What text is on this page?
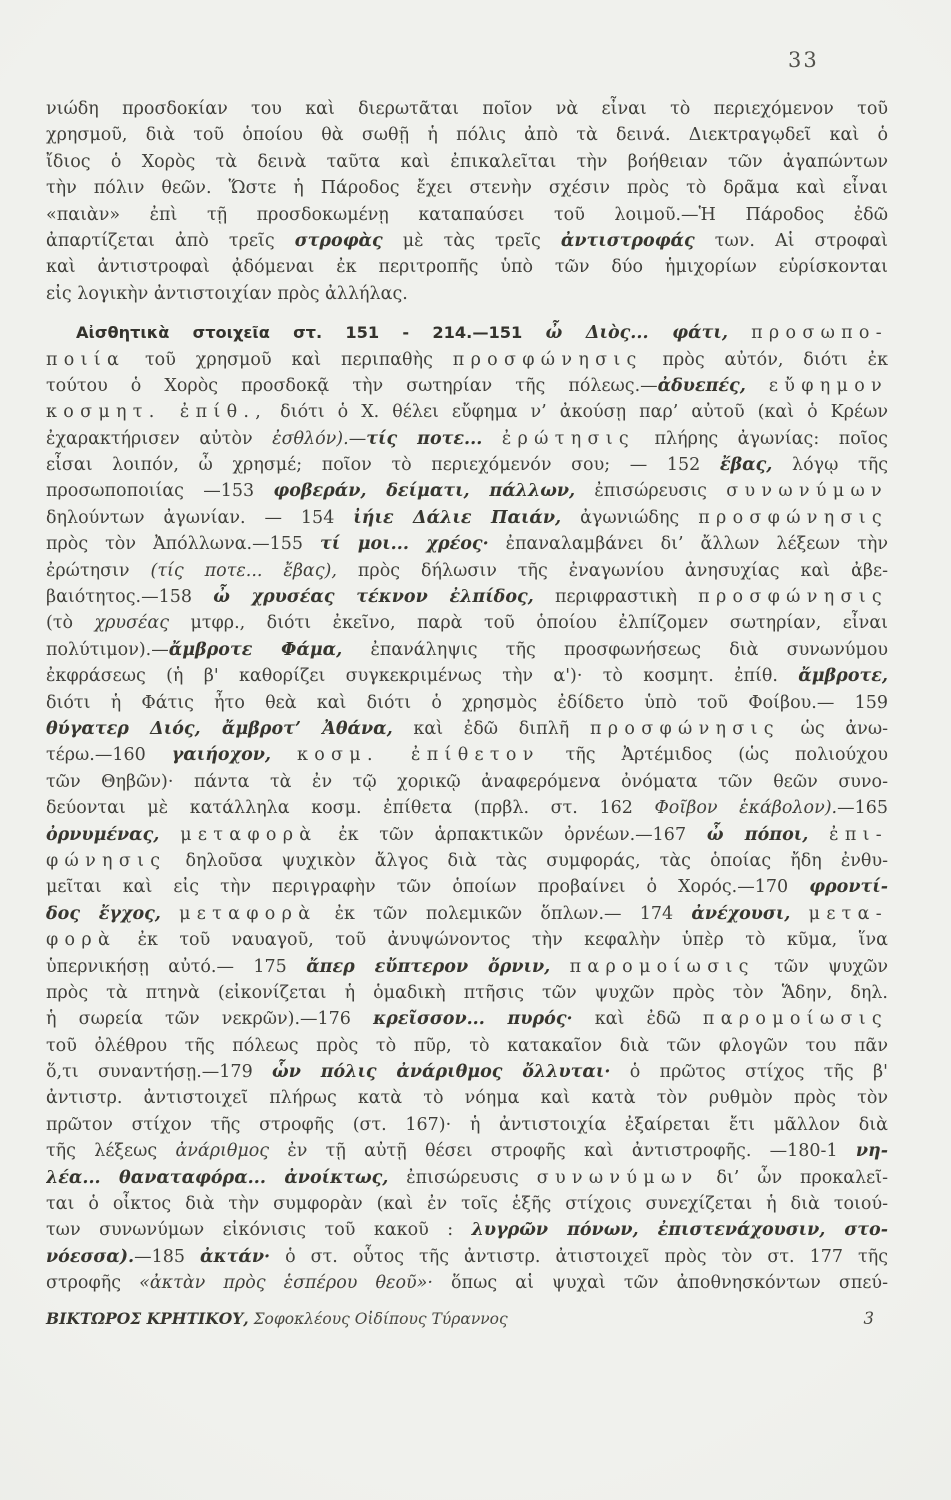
33
νιώδη προσδοκίαν του καὶ διερωτᾶται ποῖον νὰ εἶναι τὸ περιεχόμενον τοῦ
χρησμοῦ, διὰ τοῦ ὁποίου θὰ σωθῇ ἡ πόλις ἀπὸ τὰ δεινά. Διεκτραγῳδεῖ καὶ ὁ
ἴδιος ὁ Χορὸς τὰ δεινὰ ταῦτα καὶ ἐπικαλεῖται τὴν βοήθειαν τῶν ἀγαπώντων
τὴν πόλιν θεῶν. Ὥστε ἡ Πάροδος ἔχει στενὴν σχέσιν πρὸς τὸ δρᾶμα καὶ εἶναι
«παιὰν» ἐπὶ τῇ προσδοκωμένῃ καταπαύσει τοῦ λοιμοῦ.—Ἡ Πάροδος ἐδῶ
ἀπαρτίζεται ἀπὸ τρεῖς στροφὰς μὲ τὰς τρεῖς ἀντιστροφάς των. Αἱ στροφαὶ
καὶ ἀντιστροφαὶ ᾀδόμεναι ἐκ περιτροπῆς ὑπὸ τῶν δύο ἡμιχορίων εὑρίσκονται
εἰς λογικὴν ἀντιστοιχίαν πρὸς ἀλλήλας.
Αἰσθητικὰ στοιχεῖα στ. 151 - 214.—151 ὦ Διὸς... φάτι, προσωπο-
ποιία τοῦ χρησμοῦ καὶ περιπαθὴς προσφώνησις πρὸς αὐτόν, διότι ἐκ
τούτου ὁ Χορὸς προσδοκᾷ τὴν σωτηρίαν τῆς πόλεως.—ἀδυεπές, εὔφημον
κοσμητ. ἐπίθ., διότι ὁ Χ. θέλει εὔφημα ν’ ἀκούσῃ παρ’ αὐτοῦ (καὶ ὁ Κρέων
ἐχαρακτήρισεν αὐτὸν ἐσθλόν).—τίς ποτε... ἐρώτησις πλήρης ἀγωνίας: ποῖος
εἶσαι λοιπόν, ὦ χρησμέ; ποῖον τὸ περιεχόμενόν σου; — 152 ἔβας, λόγῳ τῆς
προσωποποιίας —153 φοβεράν, δείματι, πάλλων, ἐπισώρευσις συνωνύμων
δηλούντων ἀγωνίαν. — 154 ἰήιε Δάλιε Παιάν, ἀγωνιώδης προσφώνησις
πρὸς τὸν Ἀπόλλωνα.—155 τί μοι... χρέος· ἐπαναλαμβάνει δι’ ἄλλων λέξεων τὴν
ἐρώτησιν (τίς ποτε... ἔβας), πρὸς δήλωσιν τῆς ἐναγωνίου ἀνησυχίας καὶ ἀβε-
βαιότητος.—158 ὦ χρυσέας τέκνον ἐλπίδος, περιφραστικὴ προσφώνησις
(τὸ χρυσέας μτφρ., διότι ἐκεῖνο, παρὰ τοῦ ὁποίου ἐλπίζομεν σωτηρίαν, εἶναι
πολύτιμον).—ἄμβροτε Φάμα, ἐπανάληψις τῆς προσφωνήσεως διὰ συνωνύμου
ἐκφράσεως (ἡ β' καθορίζει συγκεκριμένως τὴν α')· τὸ κοσμητ. ἐπίθ. ἄμβροτε,
διότι ἡ Φάτις ἦτο θεὰ καὶ διότι ὁ χρησμὸς ἐδίδετο ὑπὸ τοῦ Φοίβου.— 159
θύγατερ Διός, ἄμβροτ’ Ἀθάνα, καὶ ἐδῶ διπλῆ προσφώνησις ὡς ἀνω-
τέρω.—160 γαιήοχον, κοσμ. ἐπίθετον τῆς Ἀρτέμιδος (ὡς πολιούχου
τῶν Θηβῶν)· πάντα τὰ ἐν τῷ χορικῷ ἀναφερόμενα ὀνόματα τῶν θεῶν συνο-
δεύονται μὲ κατάλληλα κοσμ. ἐπίθετα (πρβλ. στ. 162 Φοῖβον ἑκάβολον).—165
ὀρνυμένας, μεταφορὰ ἐκ τῶν ἁρπακτικῶν ὀρνέων.—167 ὦ πόποι, ἐπι-
φώνησις δηλοῦσα ψυχικὸν ἄλγος διὰ τὰς συμφοράς, τὰς ὁποίας ἤδη ἐνθυ-
μεῖται καὶ εἰς τὴν περιγραφὴν τῶν ὁποίων προβαίνει ὁ Χορός.—170 φροντί-
δος ἔγχος, μεταφορὰ ἐκ τῶν πολεμικῶν ὅπλων.— 174 ἀνέχουσι, μετα-
φορὰ ἐκ τοῦ ναυαγοῦ, τοῦ ἀνυψώνοντος τὴν κεφαλὴν ὑπὲρ τὸ κῦμα, ἵνα
ὑπερνικήσῃ αὐτό.— 175 ἄπερ εὔπτερον ὄρνιν, παρομοίωσις τῶν ψυχῶν
πρὸς τὰ πτηνὰ (εἰκονίζεται ἡ ὁμαδικὴ πτῆσις τῶν ψυχῶν πρὸς τὸν Ἅδην, δηλ.
ἡ σωρεία τῶν νεκρῶν).—176 κρεῖσσον... πυρός· καὶ ἐδῶ παρομοίωσις
τοῦ ὀλέθρου τῆς πόλεως πρὸς τὸ πῦρ, τὸ κατακαῖον διὰ τῶν φλογῶν του πᾶν
ὅ,τι συναντήσῃ.—179 ὧν πόλις ἀνάριθμος ὄλλυται· ὁ πρῶτος στίχος τῆς β'
ἀντιστρ. ἀντιστοιχεῖ πλήρως κατὰ τὸ νόημα καὶ κατὰ τὸν ρυθμὸν πρὸς τὸν
πρῶτον στίχον τῆς στροφῆς (στ. 167)· ἡ ἀντιστοιχία ἐξαίρεται ἔτι μᾶλλον διὰ
τῆς λέξεως ἀνάριθμος ἐν τῇ αὐτῇ θέσει στροφῆς καὶ ἀντιστροφῆς. —180-1 νη-
λέα... θαναταφόρα... ἀνοίκτως, ἐπισώρευσις συνωνύμων δι’ ὧν προκαλεῖ-
ται ὁ οἶκτος διὰ τὴν συμφορὰν (καὶ ἐν τοῖς ἑξῆς στίχοις συνεχίζεται ἡ διὰ τοιού-
των συνωνύμων εἰκόνισις τοῦ κακοῦ : λυγρῶν πόνων, ἐπιστενάχουσιν, στο-
νόεσσα).—185 ἀκτάν· ὁ στ. οὗτος τῆς ἀντιστρ. ἀτιστοιχεῖ πρὸς τὸν στ. 177 τῆς
στροφῆς «ἀκτὰν πρὸς ἑσπέρου θεοῦ»· ὅπως αἱ ψυχαὶ τῶν ἀποθνησκόντων σπεύ-
ΒΙΚΤΩΡΟΣ ΚΡΗΤΙΚΟΥ, Σοφοκλέους Οἰδίπους Τύραννος	3
